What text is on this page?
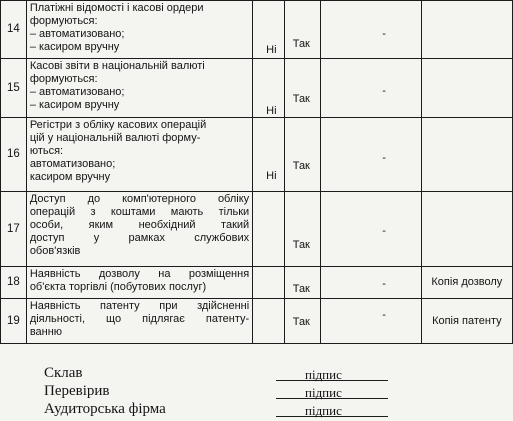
14	Платіжні відомості і касові ордери
формуються:
– автоматизовано;
– касиром вручну	Ні	Так	-	

15	Касові звіти в національній валюті
формуються:
– автоматизовано;
– касиром вручну	Ні	Так	-	

16	Регістри з обліку касових операцій
цій у національній валюті форму-
ються:
автоматизовано;
касиром вручну	Ні	Так	-	

17	Доступ до комп'ютерного обліку
операцій з коштами мають тільки
особи, яким необхідний такий
доступ у рамках службових
обов'язків		Так	-	

18	Наявність дозволу на розміщення
об'єкта торгівлі (побутових послуг)		Так	-	Копія дозволу
19	Наявність патенту при здійсненні
діяльності, що підлягає патенту-
ванню		Так	-	Копія патенту
Склав	підпис
Перевірив	підпис
Аудиторська фірма	підпис
